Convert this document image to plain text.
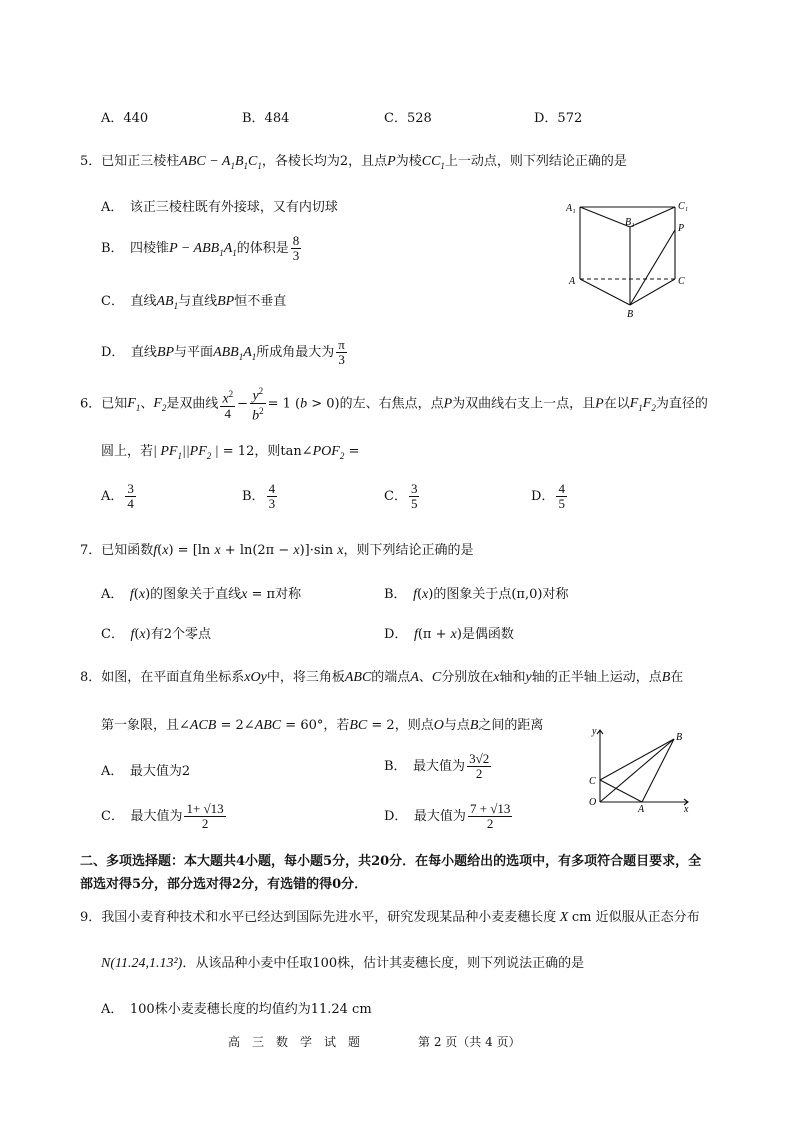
A．440	B．484	C．528	D．572
5．已知正三棱柱ABC − $A_1B_1C_1$，各棱长均为2，且点P为棱$CC_1$上一动点，则下列结论正确的是
A．　该正三棱柱既有外接球，又有内切球
B．　四棱锥$P - ABB_1A_1$的体积是 $\frac{8}{3}$
C．　直线$AB_1$与直线BP恒不垂直
D．　直线BP与平面$ABB_1A_1$所成角最大为 $\frac{\pi}{3}$
A₁
B₁
C₁
P
A	C
B
6．已知$F_1$、$F_2$是双曲线 $\frac{x^2}{4} - \frac{y^2}{b^2} = 1$ (b > 0)的左、右焦点，点P为双曲线右支上一点，且P在以$F_1F_2$为直径的
圆上，若| $PF_1||PF_2$ | = 12，则$\tan\angle POF_2$ =
A． $\frac{3}{4}$	B． $\frac{4}{3}$	C． $\frac{3}{5}$	D． $\frac{4}{5}$
7．已知函数f(x) = [ln x + ln(2π − x)]·sin x，则下列结论正确的是
A．　f(x)的图象关于直线x = π对称	B．　f(x)的图象关于点(π,0)对称
C．　f(x)有2个零点	D．　f(π + x)是偶函数
8．如图，在平面直角坐标系xOy中，将三角板ABC的端点A、C分别放在x轴和y轴的正半轴上运动，点B在
第一象限，且∠ACB = 2∠ABC = 60°，若BC = 2，则点O与点B之间的距离
A．　最大值为2	B．　最大值为 $\frac{3√2}{2}$
C．　最大值为 $\frac{1+ √13}{2}$	D．　最大值为 $\frac{7 + √13}{2}$
y
B
C
O
A	x
二、多项选择题：本大题共4小题，每小题5分，共20分．在每小题给出的选项中，有多项符合题目要求，全
部选对得5分，部分选对得2分，有选错的得0分．
9．我国小麦育种技术和水平已经达到国际先进水平，研究发现某品种小麦麦穗长度 X cm 近似服从正态分布
N(11.24,1.13²)．从该品种小麦中任取100株，估计其麦穗长度，则下列说法正确的是
A．　100株小麦麦穗长度的均值约为11.24 cm
高　三　数　学　试　题	第 2 页（共 4 页）
